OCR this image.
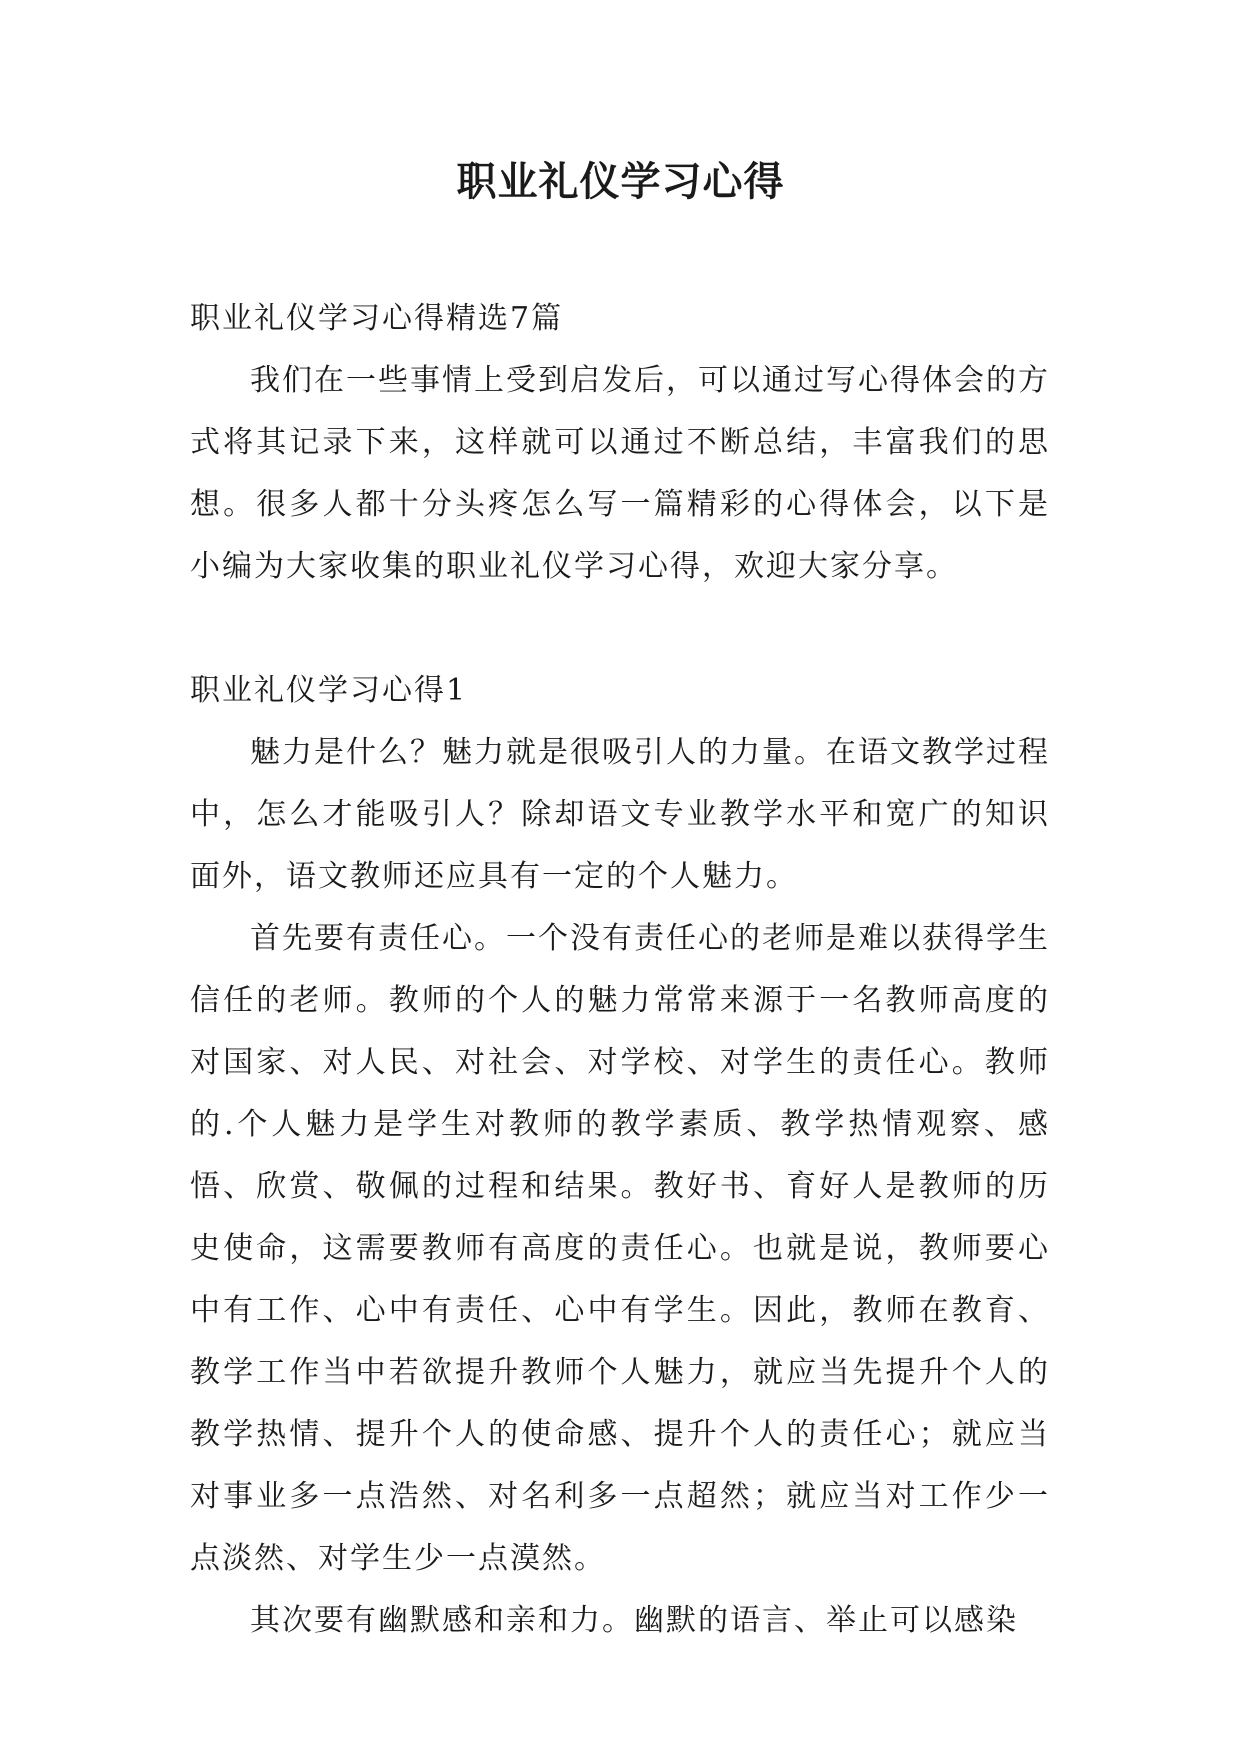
职业礼仪学习心得

职业礼仪学习心得精选7篇

我们在一些事情上受到启发后，可以通过写心得体会的方式将其记录下来，这样就可以通过不断总结，丰富我们的思想。很多人都十分头疼怎么写一篇精彩的心得体会，以下是小编为大家收集的职业礼仪学习心得，欢迎大家分享。

职业礼仪学习心得1

魅力是什么？魅力就是很吸引人的力量。在语文教学过程中，怎么才能吸引人？除却语文专业教学水平和宽广的知识面外，语文教师还应具有一定的个人魅力。

首先要有责任心。一个没有责任心的老师是难以获得学生信任的老师。教师的个人的魅力常常来源于一名教师高度的对国家、对人民、对社会、对学校、对学生的责任心。教师的.个人魅力是学生对教师的教学素质、教学热情观察、感悟、欣赏、敬佩的过程和结果。教好书、育好人是教师的历史使命，这需要教师有高度的责任心。也就是说，教师要心中有工作、心中有责任、心中有学生。因此，教师在教育、教学工作当中若欲提升教师个人魅力，就应当先提升个人的教学热情、提升个人的使命感、提升个人的责任心；就应当对事业多一点浩然、对名利多一点超然；就应当对工作少一点淡然、对学生少一点漠然。

其次要有幽默感和亲和力。幽默的语言、举止可以感染
